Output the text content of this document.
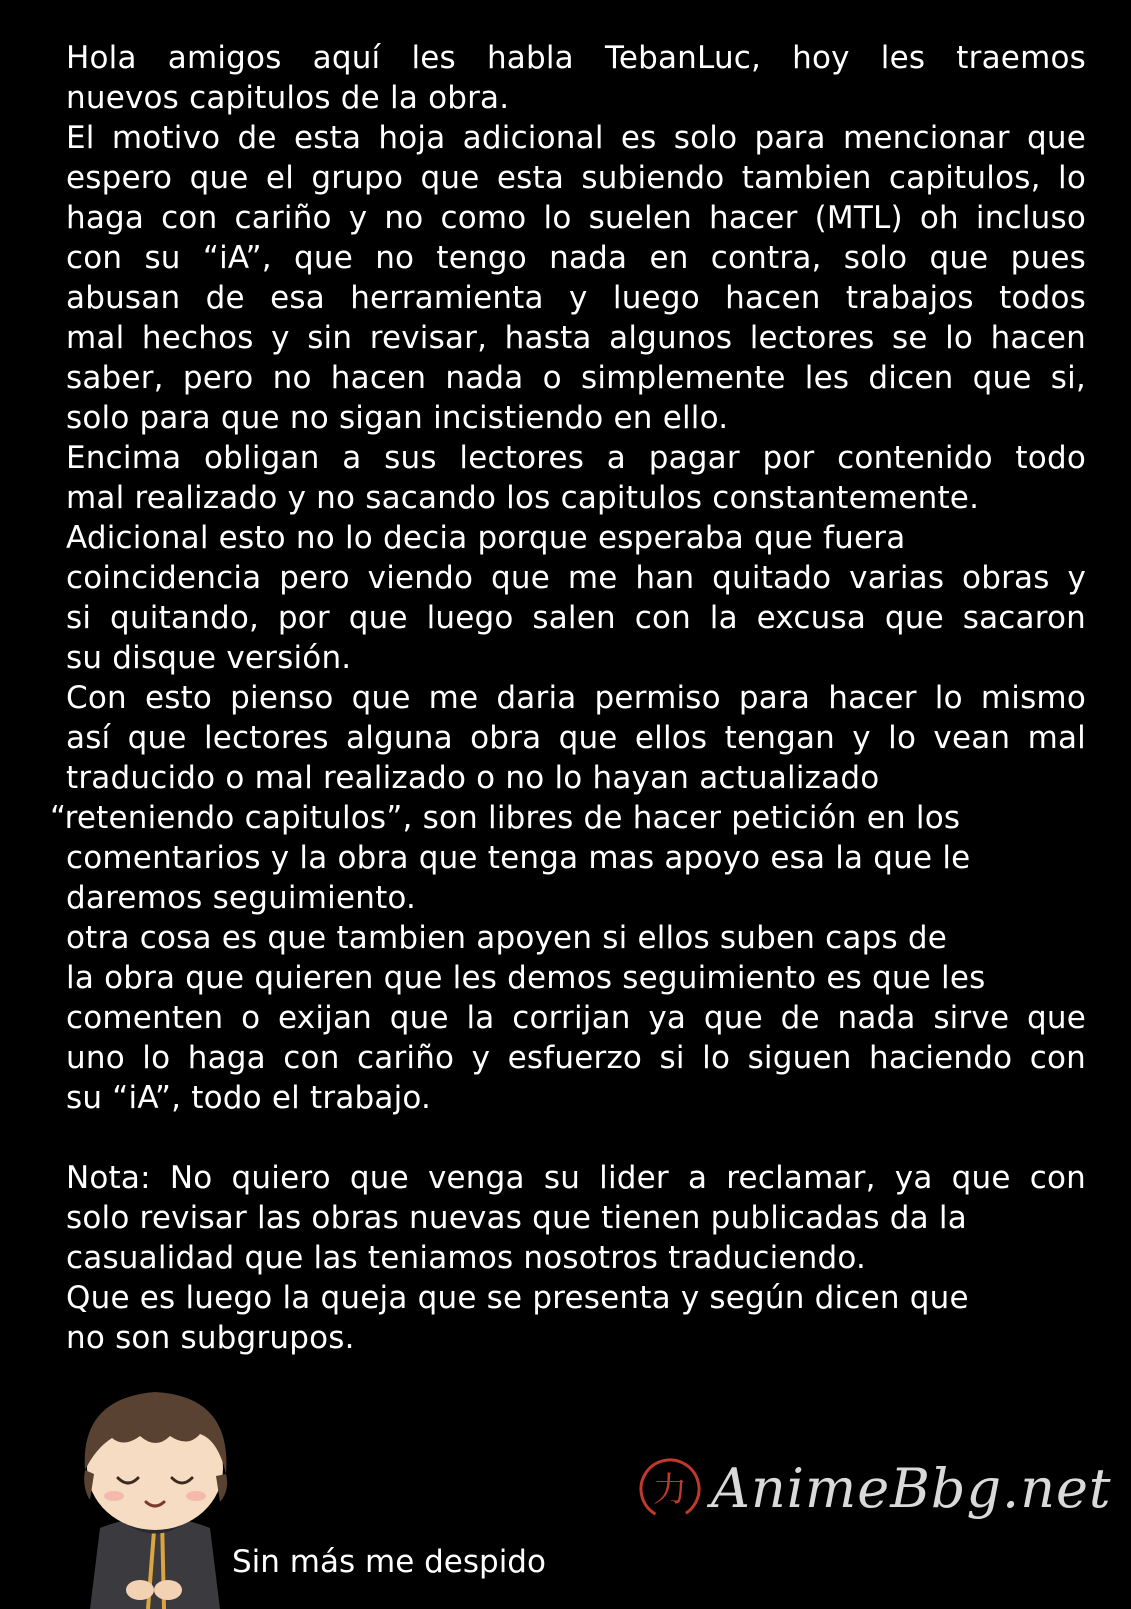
Hola amigos aquí les habla TebanLuc, hoy les traemos
nuevos capitulos de la obra.
El motivo de esta hoja adicional es solo para mencionar que
espero que el grupo que esta subiendo tambien capitulos, lo
haga con cariño y no como lo suelen hacer (MTL) oh incluso
con su “iA”, que no tengo nada en contra, solo que pues
abusan de esa herramienta y luego hacen trabajos todos
mal hechos y sin revisar, hasta algunos lectores se lo hacen
saber, pero no hacen nada o simplemente les dicen que si,
solo para que no sigan incistiendo en ello.
Encima obligan a sus lectores a pagar por contenido todo
mal realizado y no sacando los capitulos constantemente.
Adicional esto no lo decia porque esperaba que fuera
coincidencia pero viendo que me han quitado varias obras y
si quitando, por que luego salen con la excusa que sacaron
su disque versión.
Con esto pienso que me daria permiso para hacer lo mismo
así que lectores alguna obra que ellos tengan y lo vean mal
traducido o mal realizado o no lo hayan actualizado
“reteniendo capitulos”, son libres de hacer petición en los
comentarios y la obra que tenga mas apoyo esa la que le
daremos seguimiento.
otra cosa es que tambien apoyen si ellos suben caps de
la obra que quieren que les demos seguimiento es que les
comenten o exijan que la corrijan ya que de nada sirve que
uno lo haga con cariño y esfuerzo si lo siguen haciendo con
su “iA”, todo el trabajo.
Nota: No quiero que venga su lider a reclamar, ya que con
solo revisar las obras nuevas que tienen publicadas da la
casualidad que las teniamos nosotros traduciendo.
Que es luego la queja que se presenta y según dicen que
no son subgrupos.
力 AnimeBbg.net
Sin más me despido
